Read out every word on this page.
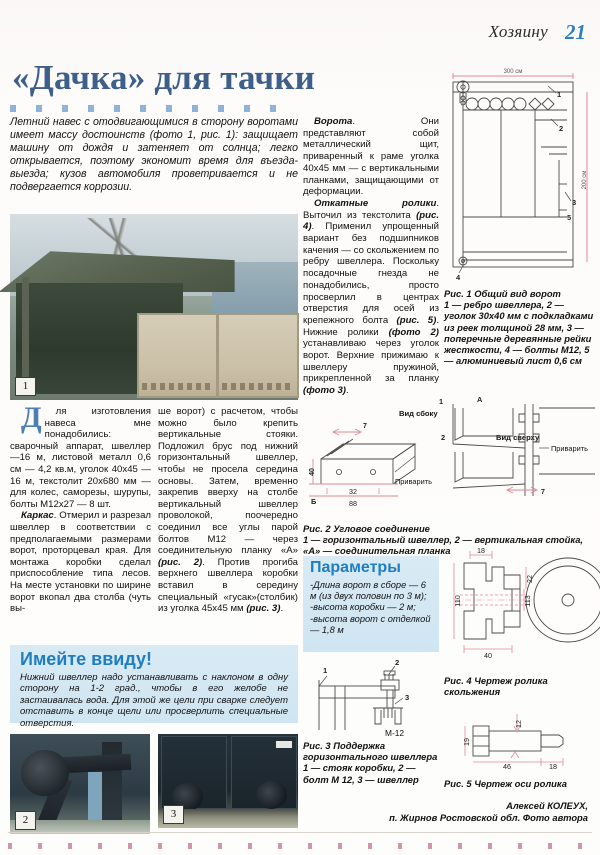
Хозяину 21
«Дачка» для тачки
Летний навес с отодвигающимися в сторону воротами имеет массу достоинств (фото 1, рис. 1): защищает машину от дождя и затеняет от солнца; легко открывается, поэтому экономит время для въезда-выезда; кузов автомобиля проветривается и не подвергается коррозии.
1

Д ля изготовления навеса мне понадобились: сварочный аппарат, швеллер —16 м, листовой металл 0,6 см — 4,2 кв.м, уголок 40х45 —16 м, текстолит 20х680 мм — для колес, саморезы, шурупы, болты М12х27 — 8 шт.

Каркас. Отмерил и разрезал швеллер в соответствии с предполагаемыми размерами ворот, проторцевал края. Для монтажа коробки сделал приспособление типа лесов. На месте установки по ширине ворот вкопал два столба (чуть вы-

ше ворот) с расчетом, чтобы можно было крепить вертикальные стояки. Подложил брус под нижний горизонтальный швеллер, чтобы не просела середина основы. Затем, временно закрепив вверху на столбе вертикальный швеллер проволокой, поочередно соединил все углы парой болтов М12 — через соединительную планку «А» (рис. 2). Против прогиба верхнего швеллера коробки вставил в середину специальный «гусак»(столбик) из уголка 45х45 мм (рис. 3).

Имейте ввиду!
Нижний швеллер надо устанавливать с наклоном в одну сторону на 1-2 град., чтобы в его желобе не застаивалась вода. Для этой же цели при сварке следует отставить в конце щели или просверлить специальные отверстия.
2	3

Ворота. Они представляют собой металлический щит, приваренный к раме уголка 40х45 мм — с вертикальными планками, защищающими от деформации.

Откатные ролики. Выточил из текстолита (рис. 4). Применил упрощенный вариант без подшипников качения — со скольжением по ребру швеллера. Поскольку посадочные гнезда не понадобились, просто просверлил в центрах отверстия для осей из крепежного болта (рис. 5). Нижние ролики (фото 2) устанавливаю через уголок ворот. Верхние прижимаю к швеллеру пружиной, прикрепленной за планку (фото 3).

300 см
200 см
1
2
3
4
5
Рис. 1 Общий вид ворот
1 — ребро швеллера, 2 — уголок 30х40 мм с подкладками из реек толщиной 28 мм, 3 — поперечные деревянные рейки жесткости, 4 — болты М12, 5 — алюминиевый лист 0,6 см
Вид сбоку
Вид сверху
7
40
Б
32
88
Приварить
Приварить
7
А
1
2
Рис. 2 Угловое соединение
1 — горизонтальный швеллер, 2 — вертикальная стойка, «А» — соединительная планка
Параметры
-Длина ворот в сборе — 6 м (из двух половин по 3 м);
-высота коробки — 2 м;
-высота ворот с отделкой — 1,8 м
1
2
3
М-12
Рис. 3 Поддержка горизонтального швеллера
1 — стояк коробки, 2 — болт М 12, 3 — швеллер
18
22
110	113
40
Рис. 4 Чертеж ролика скольжения
12
19
46	18
Рис. 5 Чертеж оси ролика
Алексей КОЛЕУХ,
п. Жирнов Ростовской обл. Фото автора
